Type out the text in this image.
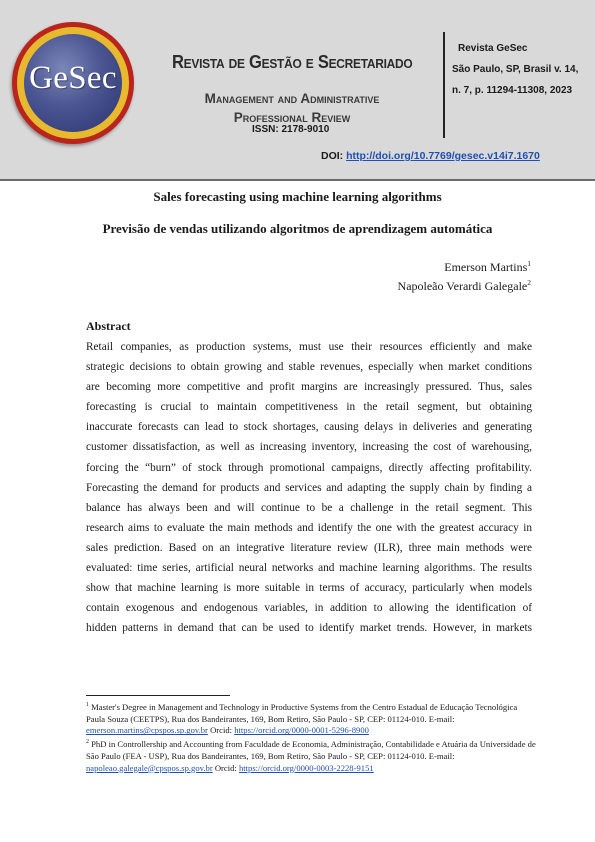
GeSec	Revista de Gestão e Secretariado
Management and Administrative
Professional Review
ISSN: 2178-9010
Revista GeSec
São Paulo, SP, Brasil v. 14,
n. 7, p. 11294-11308, 2023
DOI: http://doi.org/10.7769/gesec.v14i7.1670
Sales forecasting using machine learning algorithms
Previsão de vendas utilizando algoritmos de aprendizagem automática
Emerson Martins$^1$
Napoleão Verardi Galegale$^2$
Abstract
Retail companies, as production systems, must use their resources efficiently and make
strategic decisions to obtain growing and stable revenues, especially when market conditions
are becoming more competitive and profit margins are increasingly pressured. Thus, sales
forecasting is crucial to maintain competitiveness in the retail segment, but obtaining
inaccurate forecasts can lead to stock shortages, causing delays in deliveries and generating
customer dissatisfaction, as well as increasing inventory, increasing the cost of warehousing,
forcing the “burn” of stock through promotional campaigns, directly affecting profitability.
Forecasting the demand for products and services and adapting the supply chain by finding a
balance has always been and will continue to be a challenge in the retail segment. This
research aims to evaluate the main methods and identify the one with the greatest accuracy in
sales prediction. Based on an integrative literature review (ILR), three main methods were
evaluated: time series, artificial neural networks and machine learning algorithms. The results
show that machine learning is more suitable in terms of accuracy, particularly when models
contain exogenous and endogenous variables, in addition to allowing the identification of
hidden patterns in demand that can be used to identify market trends. However, in markets

$^1$ Master's Degree in Management and Technology in Productive Systems from the Centro Estadual de Educação Tecnológica Paula Souza (CEETPS), Rua dos Bandeirantes, 169, Bom Retiro, São Paulo - SP, CEP: 01124-010. E-mail: emerson.martins@cpspos.sp.gov.br Orcid: https://orcid.org/0000-0001-5296-8900

$^2$ PhD in Controllership and Accounting from Faculdade de Economia, Administração, Contabilidade e Atuária da Universidade de São Paulo (FEA - USP), Rua dos Bandeirantes, 169, Bom Retiro, São Paulo - SP, CEP: 01124-010. E-mail: napoleao.galegale@cpspos.sp.gov.br Orcid: https://orcid.org/0000-0003-2228-9151
